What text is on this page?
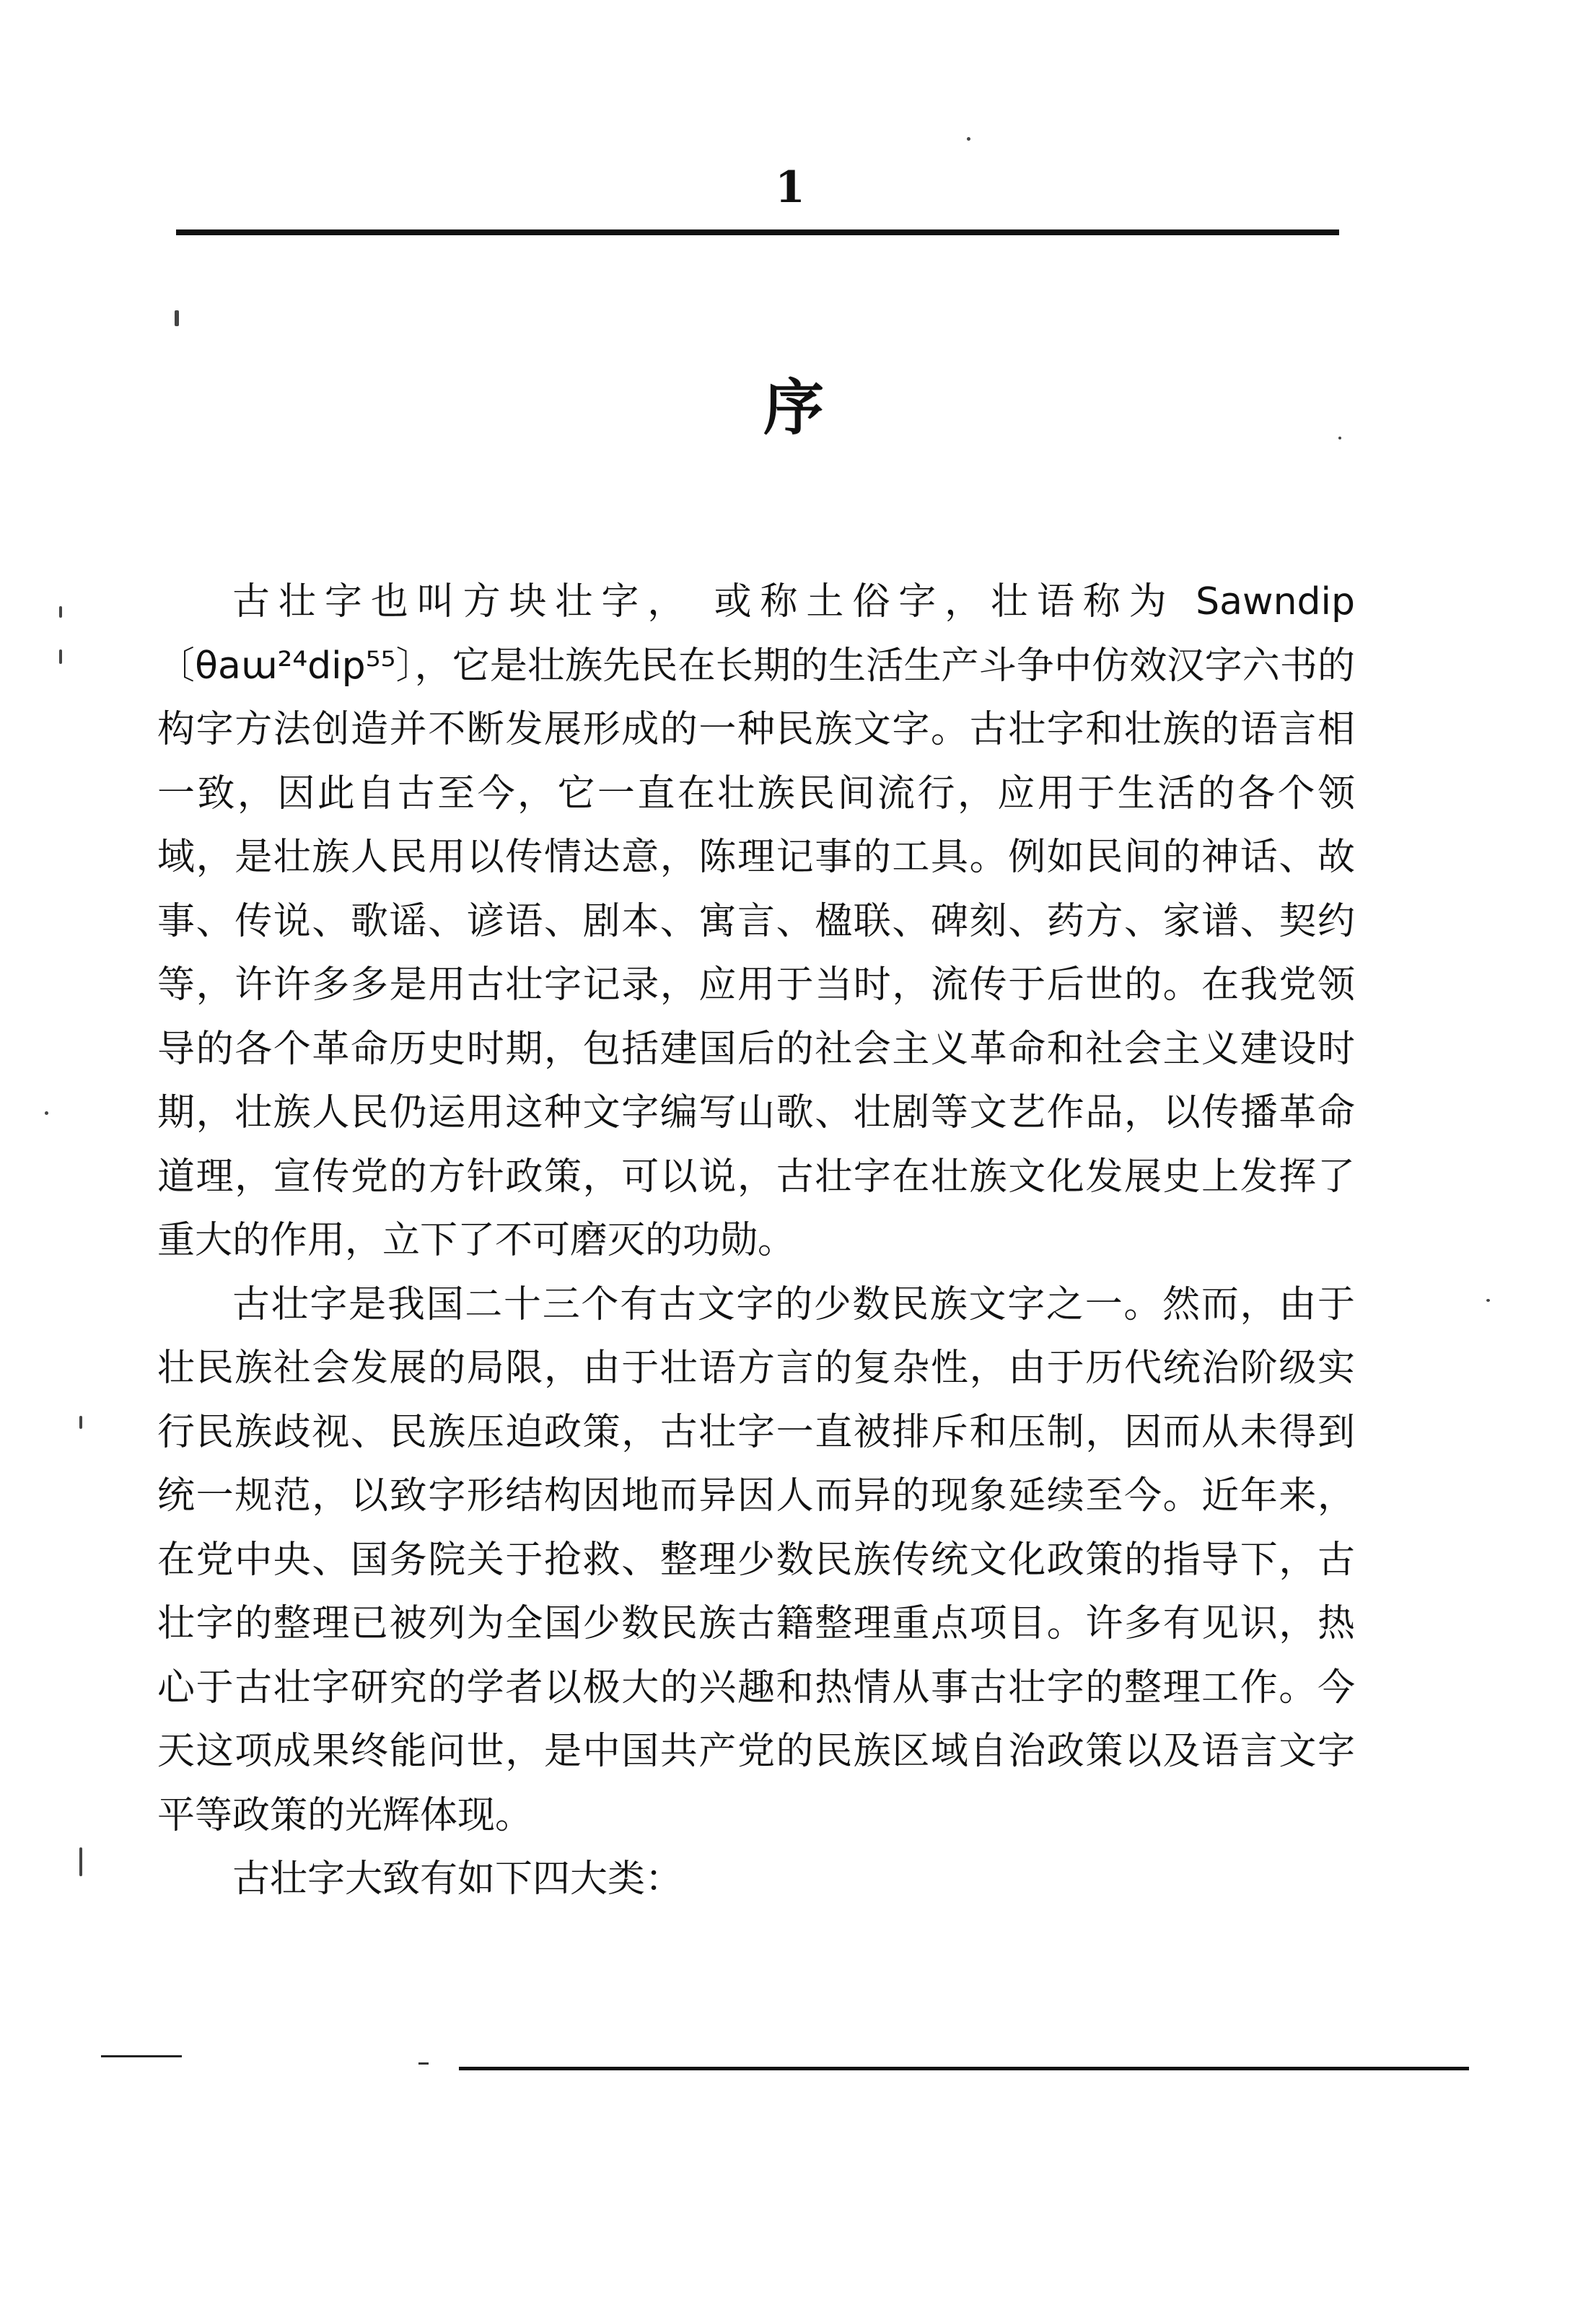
1
序

古壮字也叫方块壮字， 或称土俗字，壮语称为 Sawndip〔θaɯ²⁴dip⁵⁵〕，它是壮族先民在长期的生活生产斗争中仿效汉字六书的构字方法创造并不断发展形成的一种民族文字。古壮字和壮族的语言相一致，因此自古至今，它一直在壮族民间流行，应用于生活的各个领域，是壮族人民用以传情达意，陈理记事的工具。例如民间的神话、故事、传说、歌谣、谚语、剧本、寓言、楹联、碑刻、药方、家谱、契约等，许许多多是用古壮字记录，应用于当时，流传于后世的。在我党领导的各个革命历史时期，包括建国后的社会主义革命和社会主义建设时期，壮族人民仍运用这种文字编写山歌、壮剧等文艺作品，以传播革命道理，宣传党的方针政策，可以说，古壮字在壮族文化发展史上发挥了重大的作用，立下了不可磨灭的功勋。

古壮字是我国二十三个有古文字的少数民族文字之一。然而，由于壮民族社会发展的局限，由于壮语方言的复杂性，由于历代统治阶级实行民族歧视、民族压迫政策，古壮字一直被排斥和压制，因而从未得到统一规范，以致字形结构因地而异因人而异的现象延续至今。近年来，在党中央、国务院关于抢救、整理少数民族传统文化政策的指导下，古壮字的整理已被列为全国少数民族古籍整理重点项目。许多有见识，热心于古壮字研究的学者以极大的兴趣和热情从事古壮字的整理工作。今天这项成果终能问世，是中国共产党的民族区域自治政策以及语言文字平等政策的光辉体现。

古壮字大致有如下四大类：
